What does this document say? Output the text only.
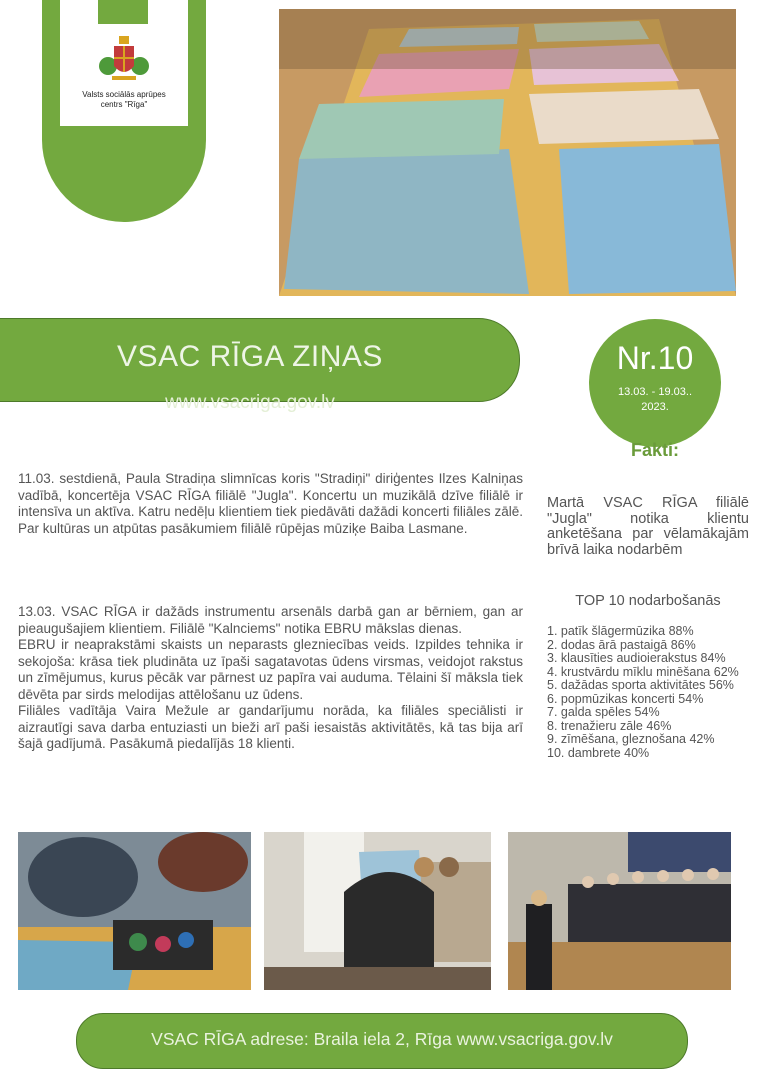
Valsts sociālās aprūpes
centrs "Rīga"
VSAC RĪGA ZIŅAS
www.vsacriga.gov.lv
Nr.10
13.03. - 19.03..
2023.
Fakti:

11.03. sestdienā, Paula Stradiņa slimnīcas koris "Stradiņi" diriģentes Ilzes Kalniņas vadībā, koncertēja VSAC RĪGA filiālē "Jugla". Koncertu un muzikālā dzīve filiālē ir intensīva un aktīva. Katru nedēļu klientiem tiek piedāvāti dažādi koncerti filiāles zālē. Par kultūras un atpūtas pasākumiem filiālē rūpējas mūziķe Baiba Lasmane.

13.03. VSAC RĪGA ir dažāds instrumentu arsenāls darbā gan ar bērniem, gan ar pieaugušajiem klientiem. Filiālē "Kalnciems" notika EBRU mākslas dienas.

EBRU ir neaprakstāmi skaists un neparasts glezniecības veids. Izpildes tehnika ir sekojoša: krāsa tiek pludināta uz īpaši sagatavotas ūdens virsmas, veidojot rakstus un zīmējumus, kurus pēcāk var pārnest uz papīra vai auduma. Tēlaini šī māksla tiek dēvēta par sirds melodijas attēlošanu uz ūdens.

Filiāles vadītāja Vaira Mežule ar gandarījumu norāda, ka filiāles speciālisti ir aizrautīgi sava darba entuziasti un bieži arī paši iesaistās aktivitātēs, kā tas bija arī šajā gadījumā. Pasākumā piedalījās 18 klienti.

Martā VSAC RĪGA filiālē "Jugla" notika klientu anketēšana par vēlamākajām brīvā laika nodarbēm
TOP 10 nodarbošanās
1. patīk šlāgermūzika 88%
2. dodas ārā pastaigā 86%
3. klausīties audioierakstus 84%
4. krustvārdu mīklu minēšana 62%
5. dažādas sporta aktivitātes 56%
6. popmūzikas koncerti 54%
7. galda spēles 54%
8. trenažieru zāle 46%
9. zīmēšana, gleznošana 42%
10. dambrete 40%
VSAC RĪGA adrese: Braila iela 2, Rīga www.vsacriga.gov.lv
